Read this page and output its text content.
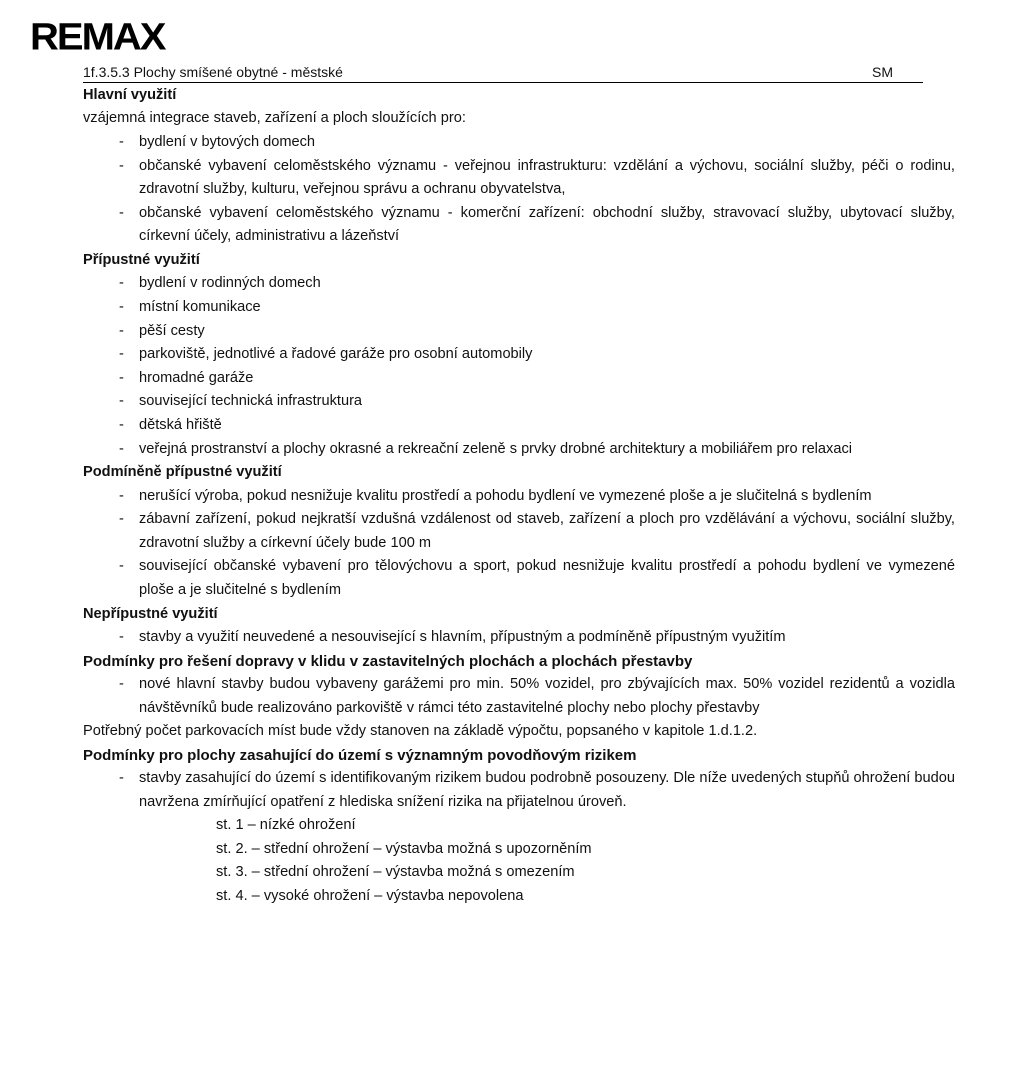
REMAX
1f.3.5.3 Plochy smíšené obytné - městské	SM
Hlavní využití
vzájemná integrace staveb, zařízení a ploch sloužících pro:
- bydlení v bytových domech
- občanské vybavení celoměstského významu - veřejnou infrastrukturu: vzdělání a výchovu, sociální služby, péči o rodinu, zdravotní služby, kulturu, veřejnou správu a ochranu obyvatelstva,
- občanské vybavení celoměstského významu - komerční zařízení: obchodní služby, stravovací služby, ubytovací služby, církevní účely, administrativu a lázeňství
Přípustné využití
- bydlení v rodinných domech
- místní komunikace
- pěší cesty
- parkoviště, jednotlivé a řadové garáže pro osobní automobily
- hromadné garáže
- související technická infrastruktura
- dětská hřiště
- veřejná prostranství a plochy okrasné a rekreační zeleně s prvky drobné architektury a mobiliářem pro relaxaci
Podmíněně přípustné využití
- nerušící výroba, pokud nesnižuje kvalitu prostředí a pohodu bydlení ve vymezené ploše a je slučitelná s bydlením
- zábavní zařízení, pokud nejkratší vzdušná vzdálenost od staveb, zařízení a ploch pro vzdělávání a výchovu, sociální služby, zdravotní služby a církevní účely bude 100 m
- související občanské vybavení pro tělovýchovu a sport, pokud nesnižuje kvalitu prostředí a pohodu bydlení ve vymezené ploše a je slučitelné s bydlením
Nepřípustné využití
- stavby a využití neuvedené a nesouvisející s hlavním, přípustným a podmíněně přípustným využitím
Podmínky pro řešení dopravy v klidu v zastavitelných plochách a plochách přestavby
- nové hlavní stavby budou vybaveny garážemi pro min. 50% vozidel, pro zbývajících max. 50% vozidel rezidentů a vozidla návštěvníků bude realizováno parkoviště v rámci této zastavitelné plochy nebo plochy přestavby
Potřebný počet parkovacích míst bude vždy stanoven na základě výpočtu, popsaného v kapitole 1.d.1.2.
Podmínky pro plochy zasahující do území s významným povodňovým rizikem
- stavby zasahující do území s identifikovaným rizikem budou podrobně posouzeny. Dle níže uvedených stupňů ohrožení budou navržena zmírňující opatření z hlediska snížení rizika na přijatelnou úroveň.
st. 1 – nízké ohrožení
st. 2. – střední ohrožení – výstavba možná s upozorněním
st. 3. – střední ohrožení – výstavba možná s omezením
st. 4. – vysoké ohrožení – výstavba nepovolena
